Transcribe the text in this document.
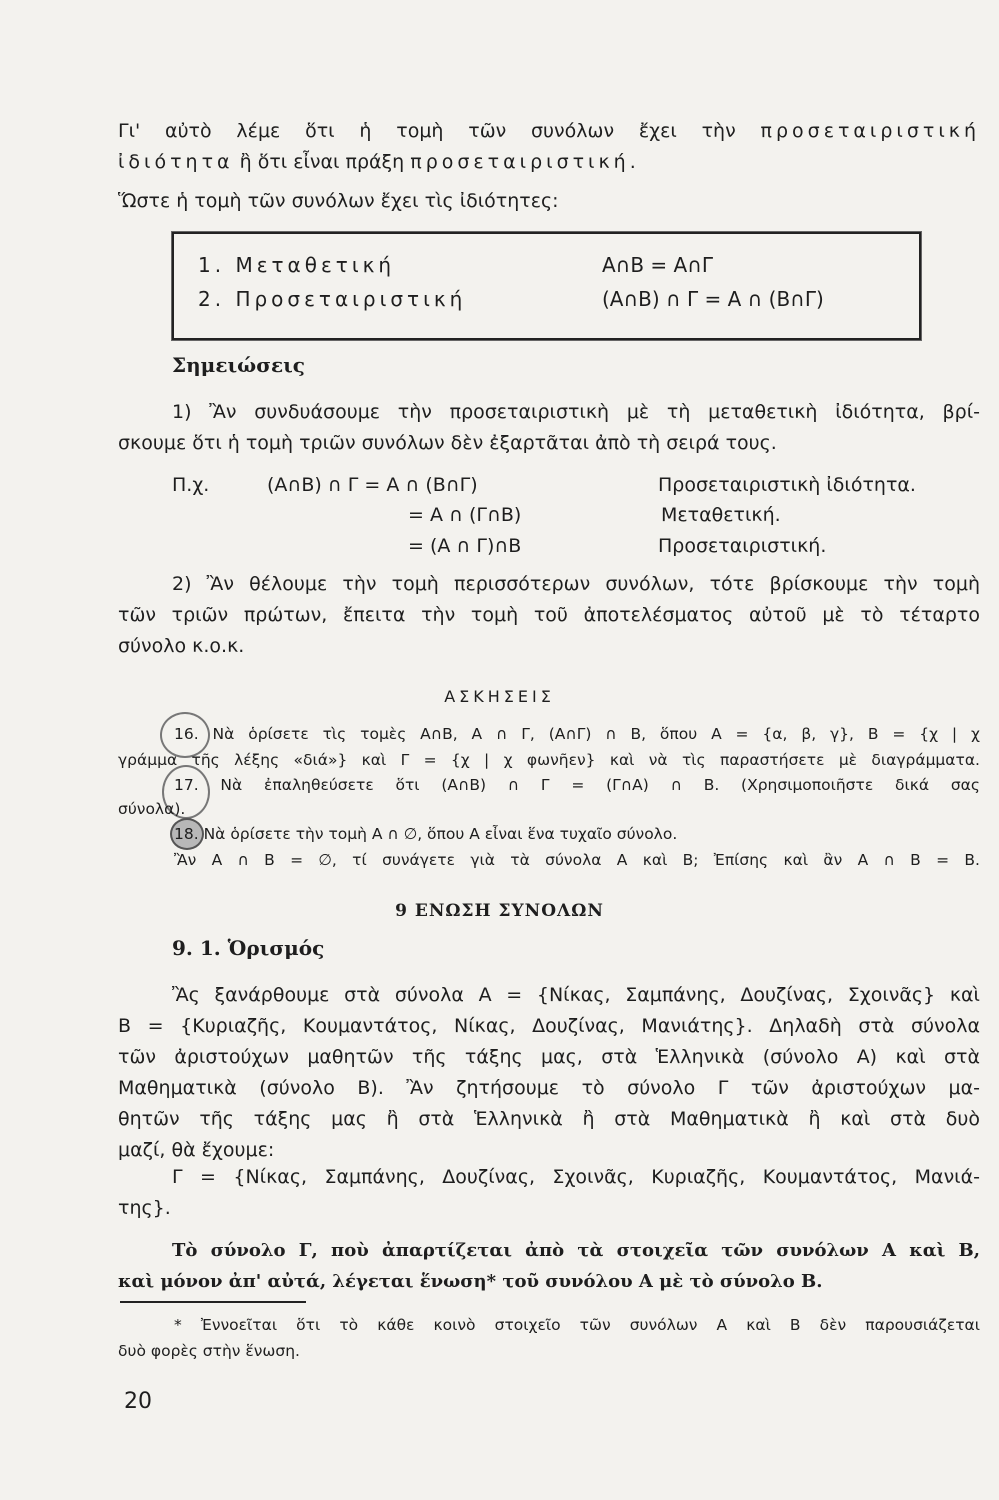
Γι' αὐτὸ λέμε ὅτι ἡ τομὴ τῶν συνόλων ἔχει τὴν προσεταιριστική
ἰδιότητα ἢ ὅτι εἶναι πράξη προσεταιριστική.
Ὥστε ἡ τομὴ τῶν συνόλων ἔχει τὶς ἰδιότητες:
1. Μεταθετική	A∩B = A∩Γ
2. Προσεταιριστική	(A∩B) ∩ Γ = A ∩ (B∩Γ)
Σημειώσεις
1) Ἂν συνδυάσουμε τὴν προσεταιριστικὴ μὲ τὴ μεταθετικὴ ἰδιότητα, βρί-
σκουμε ὅτι ἡ τομὴ τριῶν συνόλων δὲν ἐξαρτᾶται ἀπὸ τὴ σειρά τους.
Π.χ.	(A∩B) ∩ Γ = A ∩ (B∩Γ)	Προσεταιριστικὴ ἰδιότητα.
= A ∩ (Γ∩B)	Μεταθετική.
= (A ∩ Γ)∩B	Προσεταιριστική.
2) Ἂν θέλουμε τὴν τομὴ περισσότερων συνόλων, τότε βρίσκουμε τὴν τομὴ
τῶν τριῶν πρώτων, ἔπειτα τὴν τομὴ τοῦ ἀποτελέσματος αὐτοῦ μὲ τὸ τέταρτο
σύνολο κ.ο.κ.
ΑΣΚΗΣΕΙΣ
16. Νὰ ὁρίσετε τὶς τομὲς A∩B, A ∩ Γ, (A∩Γ) ∩ B, ὅπου A = {α, β, γ}, B = {χ | χ
γράμμα τῆς λέξης «διά»} καὶ Γ = {χ | χ φωνῆεν} καὶ νὰ τὶς παραστήσετε μὲ διαγράμματα.
17. Νὰ ἐπαληθεύσετε ὅτι (A∩B) ∩ Γ = (Γ∩A) ∩ B. (Χρησιμοποιῆστε δικά σας
σύνολα).
18. Νὰ ὁρίσετε τὴν τομὴ A ∩ ∅, ὅπου A εἶναι ἕνα τυχαῖο σύνολο.
Ἂν A ∩ B = ∅, τί συνάγετε γιὰ τὰ σύνολα A καὶ B; Ἐπίσης καὶ ἂν A ∩ B = B.
9 ΕΝΩΣΗ ΣΥΝΟΛΩΝ
9. 1. Ὁρισμός
Ἂς ξανάρθουμε στὰ σύνολα A = {Νίκας, Σαμπάνης, Δουζίνας, Σχοινᾶς} καὶ
B = {Κυριαζῆς, Κουμαντάτος, Νίκας, Δουζίνας, Μανιάτης}. Δηλαδὴ στὰ σύνολα
τῶν ἀριστούχων μαθητῶν τῆς τάξης μας, στὰ Ἑλληνικὰ (σύνολο A) καὶ στὰ
Μαθηματικὰ (σύνολο B). Ἂν ζητήσουμε τὸ σύνολο Γ τῶν ἀριστούχων μα-
θητῶν τῆς τάξης μας ἢ στὰ Ἑλληνικὰ ἢ στὰ Μαθηματικὰ ἢ καὶ στὰ δυὸ
μαζί, θὰ ἔχουμε:
Γ = {Νίκας, Σαμπάνης, Δουζίνας, Σχοινᾶς, Κυριαζῆς, Κουμαντάτος, Μανιά-
της}.
Τὸ σύνολο Γ, ποὺ ἀπαρτίζεται ἀπὸ τὰ στοιχεῖα τῶν συνόλων A καὶ B,
καὶ μόνον ἀπ' αὐτά, λέγεται ἕνωση* τοῦ συνόλου A μὲ τὸ σύνολο B.
* Ἐννοεῖται ὅτι τὸ κάθε κοινὸ στοιχεῖο τῶν συνόλων A καὶ B δὲν παρουσιάζεται
δυὸ φορὲς στὴν ἕνωση.
20
